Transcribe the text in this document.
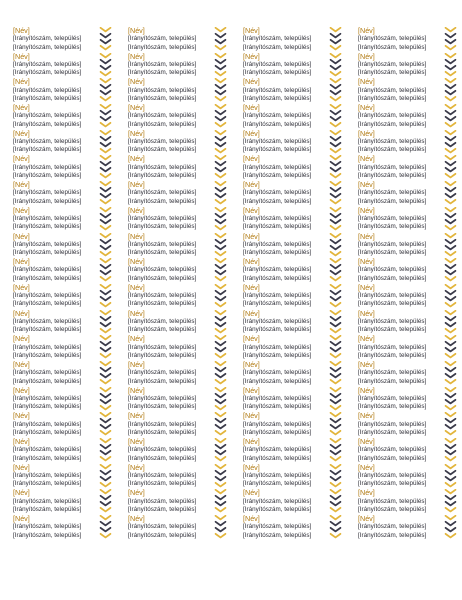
[Név]
[Irányítószám, település]
[Irányítószám, település]
[Név]
[Irányítószám, település]
[Irányítószám, település]
[Név]
[Irányítószám, település]
[Irányítószám, település]
[Név]
[Irányítószám, település]
[Irányítószám, település]
[Név]
[Irányítószám, település]
[Irányítószám, település]
[Név]
[Irányítószám, település]
[Irányítószám, település]
[Név]
[Irányítószám, település]
[Irányítószám, település]
[Név]
[Irányítószám, település]
[Irányítószám, település]
[Név]
[Irányítószám, település]
[Irányítószám, település]
[Név]
[Irányítószám, település]
[Irányítószám, település]
[Név]
[Irányítószám, település]
[Irányítószám, település]
[Név]
[Irányítószám, település]
[Irányítószám, település]
[Név]
[Irányítószám, település]
[Irányítószám, település]
[Név]
[Irányítószám, település]
[Irányítószám, település]
[Név]
[Irányítószám, település]
[Irányítószám, település]
[Név]
[Irányítószám, település]
[Irányítószám, település]
[Név]
[Irányítószám, település]
[Irányítószám, település]
[Név]
[Irányítószám, település]
[Irányítószám, település]
[Név]
[Irányítószám, település]
[Irányítószám, település]
[Név]
[Irányítószám, település]
[Irányítószám, település]
[Név]
[Irányítószám, település]
[Irányítószám, település]
[Név]
[Irányítószám, település]
[Irányítószám, település]
[Név]
[Irányítószám, település]
[Irányítószám, település]
[Név]
[Irányítószám, település]
[Irányítószám, település]
[Név]
[Irányítószám, település]
[Irányítószám, település]
[Név]
[Irányítószám, település]
[Irányítószám, település]
[Név]
[Irányítószám, település]
[Irányítószám, település]
[Név]
[Irányítószám, település]
[Irányítószám, település]
[Név]
[Irányítószám, település]
[Irányítószám, település]
[Név]
[Irányítószám, település]
[Irányítószám, település]
[Név]
[Irányítószám, település]
[Irányítószám, település]
[Név]
[Irányítószám, település]
[Irányítószám, település]
[Név]
[Irányítószám, település]
[Irányítószám, település]
[Név]
[Irányítószám, település]
[Irányítószám, település]
[Név]
[Irányítószám, település]
[Irányítószám, település]
[Név]
[Irányítószám, település]
[Irányítószám, település]
[Név]
[Irányítószám, település]
[Irányítószám, település]
[Név]
[Irányítószám, település]
[Irányítószám, település]
[Név]
[Irányítószám, település]
[Irányítószám, település]
[Név]
[Irányítószám, település]
[Irányítószám, település]
[Név]
[Irányítószám, település]
[Irányítószám, település]
[Név]
[Irányítószám, település]
[Irányítószám, település]
[Név]
[Irányítószám, település]
[Irányítószám, település]
[Név]
[Irányítószám, település]
[Irányítószám, település]
[Név]
[Irányítószám, település]
[Irányítószám, település]
[Név]
[Irányítószám, település]
[Irányítószám, település]
[Név]
[Irányítószám, település]
[Irányítószám, település]
[Név]
[Irányítószám, település]
[Irányítószám, település]
[Név]
[Irányítószám, település]
[Irányítószám, település]
[Név]
[Irányítószám, település]
[Irányítószám, település]
[Név]
[Irányítószám, település]
[Irányítószám, település]
[Név]
[Irányítószám, település]
[Irányítószám, település]
[Név]
[Irányítószám, település]
[Irányítószám, település]
[Név]
[Irányítószám, település]
[Irányítószám, település]
[Név]
[Irányítószám, település]
[Irányítószám, település]
[Név]
[Irányítószám, település]
[Irányítószám, település]
[Név]
[Irányítószám, település]
[Irányítószám, település]
[Név]
[Irányítószám, település]
[Irányítószám, település]
[Név]
[Irányítószám, település]
[Irányítószám, település]
[Név]
[Irányítószám, település]
[Irányítószám, település]
[Név]
[Irányítószám, település]
[Irányítószám, település]
[Név]
[Irányítószám, település]
[Irányítószám, település]
[Név]
[Irányítószám, település]
[Irányítószám, település]
[Név]
[Irányítószám, település]
[Irányítószám, település]
[Név]
[Irányítószám, település]
[Irányítószám, település]
[Név]
[Irányítószám, település]
[Irányítószám, település]
[Név]
[Irányítószám, település]
[Irányítószám, település]
[Név]
[Irányítószám, település]
[Irányítószám, település]
[Név]
[Irányítószám, település]
[Irányítószám, település]
[Név]
[Irányítószám, település]
[Irányítószám, település]
[Név]
[Irányítószám, település]
[Irányítószám, település]
[Név]
[Irányítószám, település]
[Irányítószám, település]
[Név]
[Irányítószám, település]
[Irányítószám, település]
[Név]
[Irányítószám, település]
[Irányítószám, település]
[Név]
[Irányítószám, település]
[Irányítószám, település]
[Név]
[Irányítószám, település]
[Irányítószám, település]
[Név]
[Irányítószám, település]
[Irányítószám, település]
[Név]
[Irányítószám, település]
[Irányítószám, település]
[Név]
[Irányítószám, település]
[Irányítószám, település]
[Név]
[Irányítószám, település]
[Irányítószám, település]
